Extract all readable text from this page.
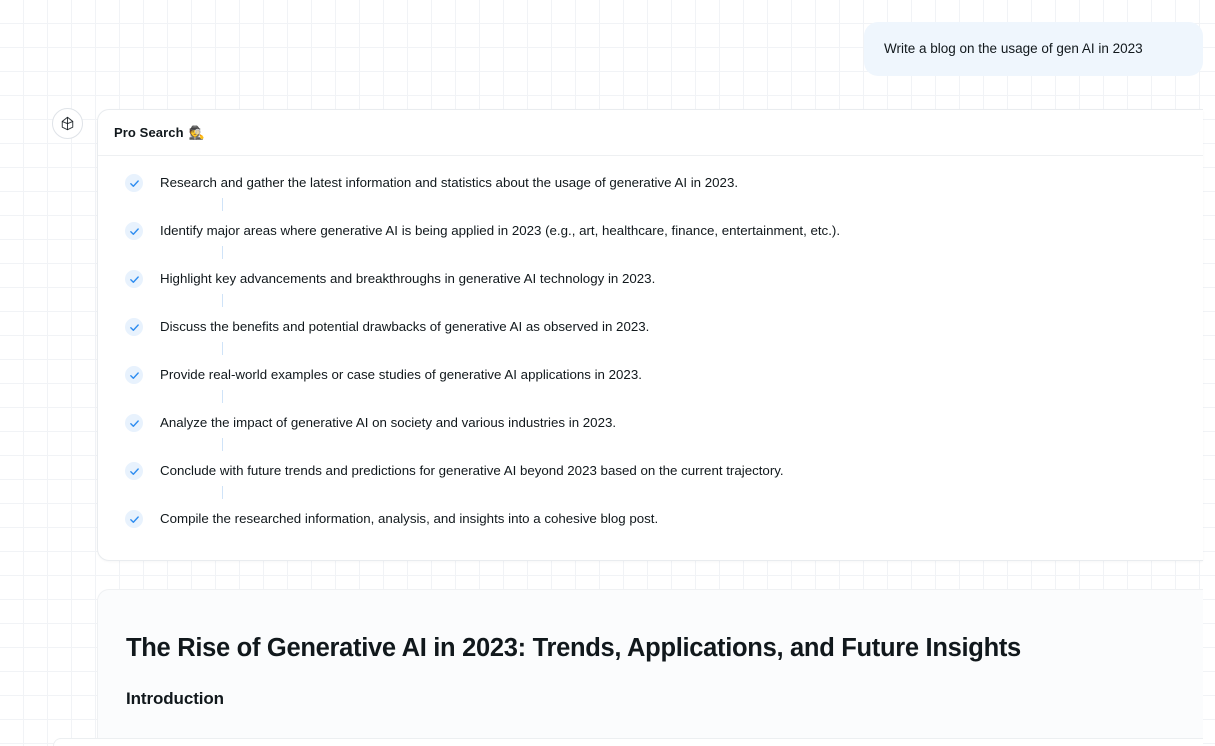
Write a blog on the usage of gen AI in 2023
Pro Search 🕵️
Research and gather the latest information and statistics about the usage of generative AI in 2023.
Identify major areas where generative AI is being applied in 2023 (e.g., art, healthcare, finance, entertainment, etc.).
Highlight key advancements and breakthroughs in generative AI technology in 2023.
Discuss the benefits and potential drawbacks of generative AI as observed in 2023.
Provide real-world examples or case studies of generative AI applications in 2023.
Analyze the impact of generative AI on society and various industries in 2023.
Conclude with future trends and predictions for generative AI beyond 2023 based on the current trajectory.
Compile the researched information, analysis, and insights into a cohesive blog post.
The Rise of Generative AI in 2023: Trends, Applications, and Future Insights
Introduction
